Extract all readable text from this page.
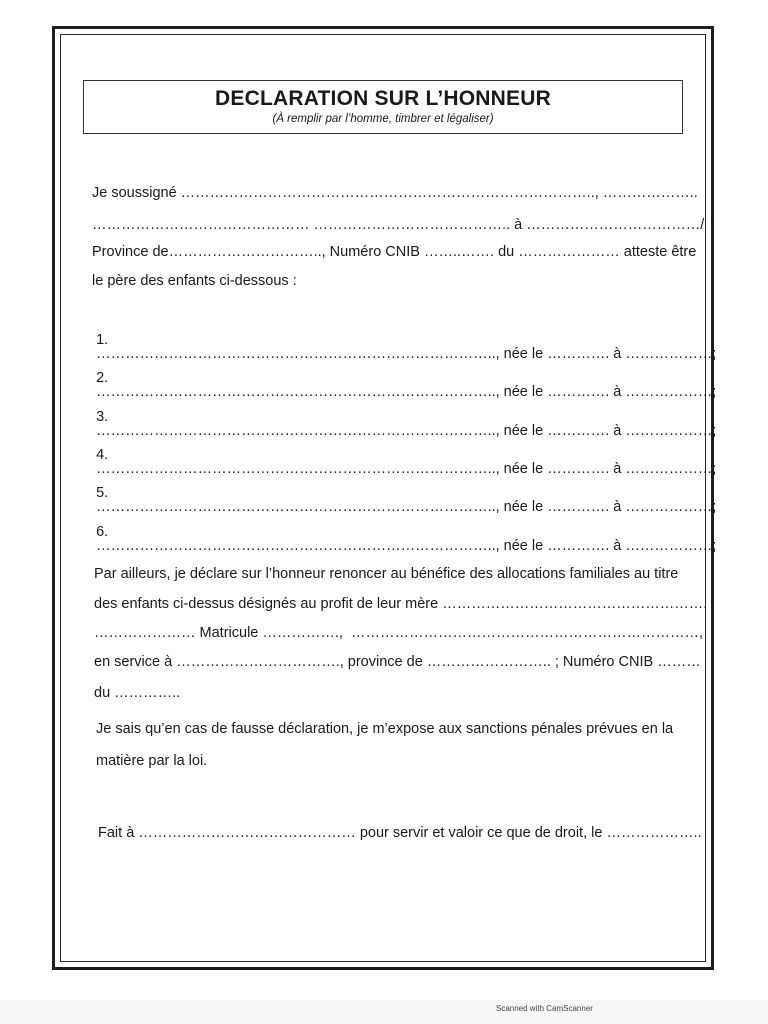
DECLARATION SUR L’HONNEUR
(À remplir par l’homme, timbrer et légaliser)
Je soussigné ………………………………………………………………………….., ………………..
……………………………………… ………………………………….. à ………………………………/
Province de………………………….., Numéro CNIB ……..……. du ………………… atteste être
le père des enfants ci-dessous :

1.
……………………………………………………………………….., née le …………. à ………………;

2.
……………………………………………………………………….., née le …………. à ………………;

3.
……………………………………………………………………….., née le …………. à ………………;

4.
……………………………………………………………………….., née le …………. à ………………;

5.
……………………………………………………………………….., née le …………. à ………………;

6.
……………………………………………………………………….., née le …………. à ………………;

Par ailleurs, je déclare sur l’honneur renoncer au bénéfice des allocations familiales au titre
des enfants ci-dessus désignés au profit de leur mère ……………………………………………….
………………… Matricule …………….,  ………………………………………………………………,
en service à ……………………………., province de …………………….. ; Numéro CNIB ………
du …………..
Je sais qu’en cas de fausse déclaration, je m’expose aux sanctions pénales prévues en la
matière par la loi.
Fait à ……………………………………… pour servir et valoir ce que de droit, le ………………..
Scanned with CamScanner
